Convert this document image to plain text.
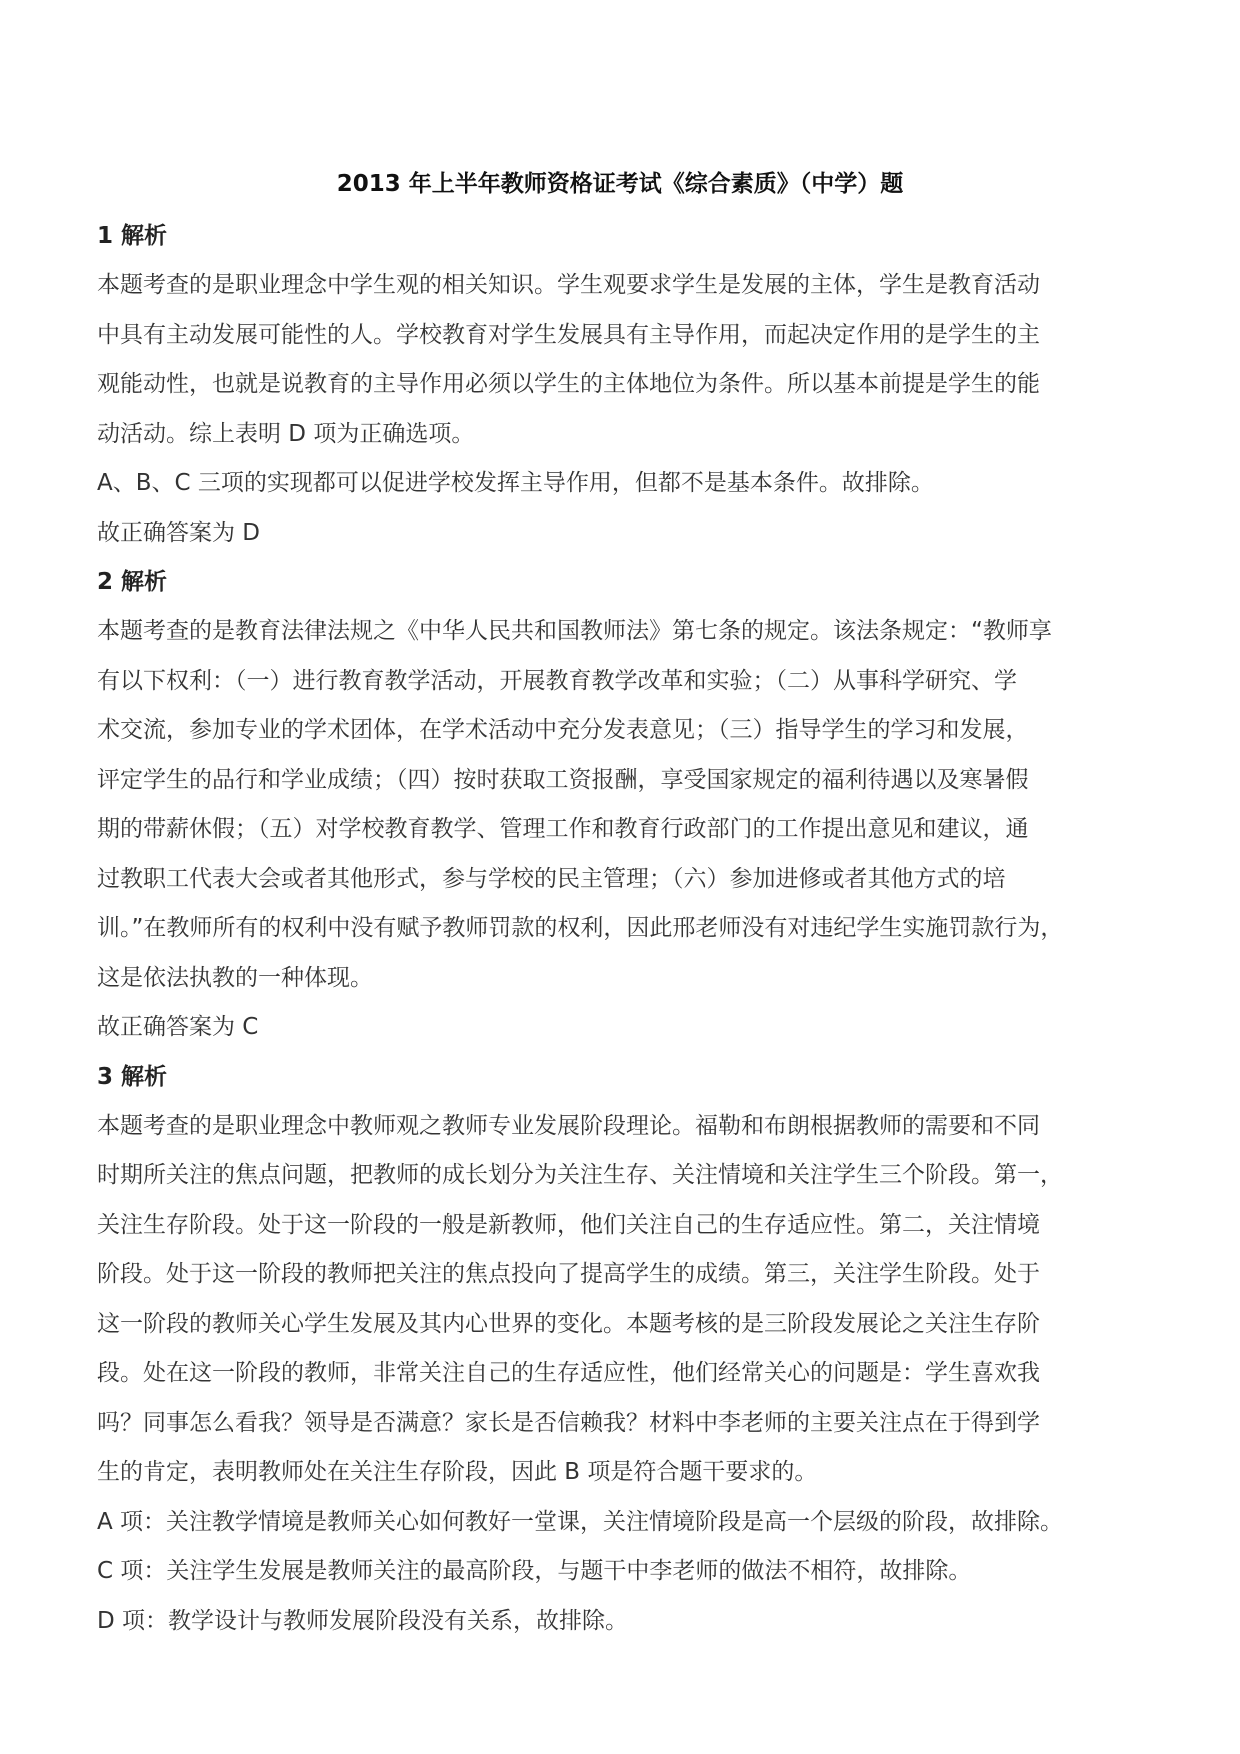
2013 年上半年教师资格证考试《综合素质》（中学）题
1 解析
本题考查的是职业理念中学生观的相关知识。学生观要求学生是发展的主体，学生是教育活动
中具有主动发展可能性的人。学校教育对学生发展具有主导作用，而起决定作用的是学生的主
观能动性，也就是说教育的主导作用必须以学生的主体地位为条件。所以基本前提是学生的能
动活动。综上表明 D 项为正确选项。
A、B、C 三项的实现都可以促进学校发挥主导作用，但都不是基本条件。故排除。
故正确答案为 D
2 解析
本题考查的是教育法律法规之《中华人民共和国教师法》第七条的规定。该法条规定：“教师享
有以下权利：（一）进行教育教学活动，开展教育教学改革和实验；（二）从事科学研究、学
术交流，参加专业的学术团体，在学术活动中充分发表意见；（三）指导学生的学习和发展，
评定学生的品行和学业成绩；（四）按时获取工资报酬，享受国家规定的福利待遇以及寒暑假
期的带薪休假；（五）对学校教育教学、管理工作和教育行政部门的工作提出意见和建议，通
过教职工代表大会或者其他形式，参与学校的民主管理；（六）参加进修或者其他方式的培
训。”在教师所有的权利中没有赋予教师罚款的权利，因此邢老师没有对违纪学生实施罚款行为，
这是依法执教的一种体现。
故正确答案为 C
3 解析
本题考查的是职业理念中教师观之教师专业发展阶段理论。福勒和布朗根据教师的需要和不同
时期所关注的焦点问题，把教师的成长划分为关注生存、关注情境和关注学生三个阶段。第一，
关注生存阶段。处于这一阶段的一般是新教师，他们关注自己的生存适应性。第二，关注情境
阶段。处于这一阶段的教师把关注的焦点投向了提高学生的成绩。第三，关注学生阶段。处于
这一阶段的教师关心学生发展及其内心世界的变化。本题考核的是三阶段发展论之关注生存阶
段。处在这一阶段的教师，非常关注自己的生存适应性，他们经常关心的问题是：学生喜欢我
吗？同事怎么看我？领导是否满意？家长是否信赖我？材料中李老师的主要关注点在于得到学
生的肯定，表明教师处在关注生存阶段，因此 B 项是符合题干要求的。
A 项：关注教学情境是教师关心如何教好一堂课，关注情境阶段是高一个层级的阶段，故排除。
C 项：关注学生发展是教师关注的最高阶段，与题干中李老师的做法不相符，故排除。
D 项：教学设计与教师发展阶段没有关系，故排除。
